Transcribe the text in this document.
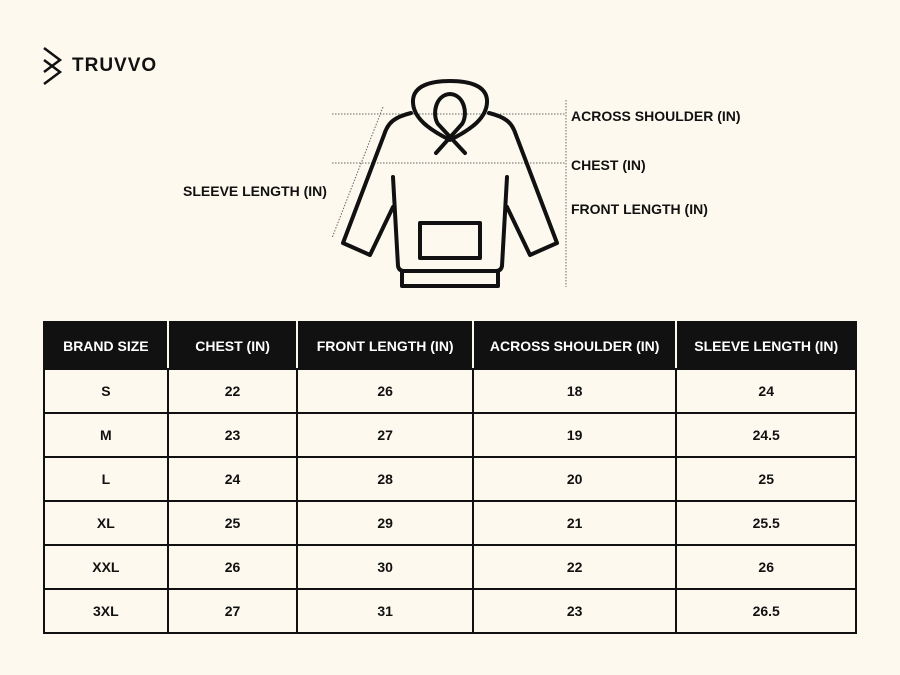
TRUVVO
ACROSS SHOULDER (IN)
CHEST (IN)
FRONT LENGTH (IN)
SLEEVE LENGTH (IN)
BRAND SIZE	CHEST (IN)	FRONT LENGTH (IN)	ACROSS SHOULDER (IN)	SLEEVE LENGTH (IN)
S	22	26	18	24
M	23	27	19	24.5
L	24	28	20	25
XL	25	29	21	25.5
XXL	26	30	22	26
3XL	27	31	23	26.5
